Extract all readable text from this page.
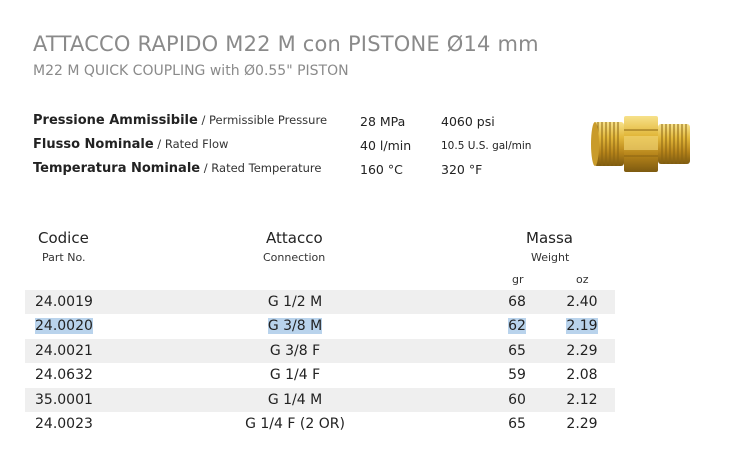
ATTACCO RAPIDO M22 M con PISTONE Ø14 mm
M22 M QUICK COUPLING with Ø0.55" PISTON
Pressione Ammissibile / Permissible Pressure	28 MPa	4060 psi
Flusso Nominale / Rated Flow	40 l/min	10.5 U.S. gal/min
Temperatura Nominale / Rated Temperature	160 °C	320 °F
Codice
Part No.
Attacco
Connection
Massa
Weight
gr	oz
24.0019	G 1/2 M	68	2.40
24.0020	G 3/8 M	62	2.19
24.0021	G 3/8 F	65	2.29
24.0632	G 1/4 F	59	2.08
35.0001	G 1/4 M	60	2.12
24.0023	G 1/4 F (2 OR)	65	2.29
